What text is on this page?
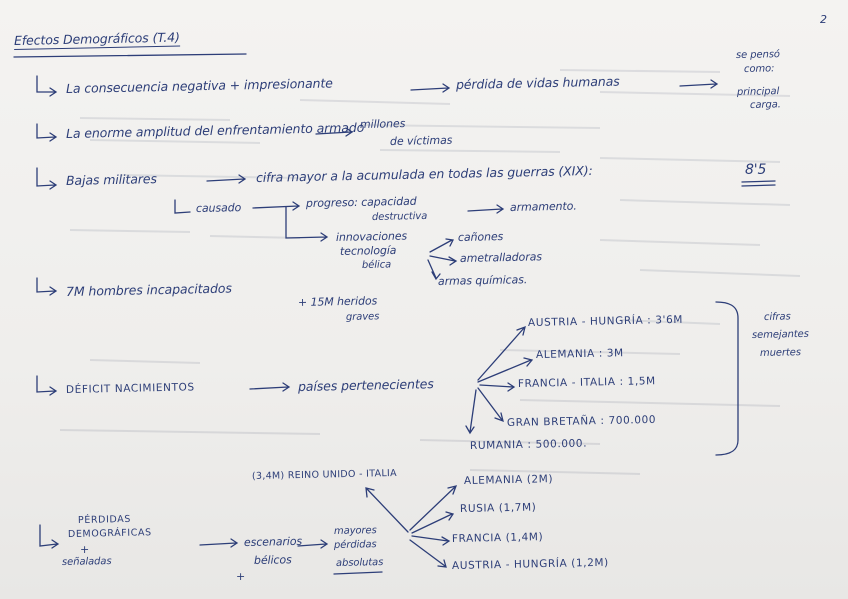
2
Efectos Demográficos (T.4)
La consecuencia negativa + impresionante	pérdida de vidas humanas
se pensó
como:
principal
carga.
La enorme amplitud del enfrentamiento armado
millones
de víctimas
Bajas militares	cifra mayor a la acumulada en todas las guerras (XIX):	8'5
causado	progreso: capacidad
destructiva
armamento.
innovaciones
tecnología
bélica
cañones
ametralladoras
armas químicas.
7M hombres incapacitados
+ 15M heridos
graves
DÉFICIT NACIMIENTOS	países pertenecientes
AUSTRIA - HUNGRÍA : 3'6M
ALEMANIA : 3M
FRANCIA - ITALIA : 1,5M
GRAN BRETAÑA : 700.000
RUMANIA : 500.000.
cifras
semejantes
muertes
PÉRDIDAS
DEMOGRÁFICAS
+
señaladas
escenarios
bélicos
+
mayores
pérdidas
absolutas
(3,4M) REINO UNIDO - ITALIA	ALEMANIA (2M)
RUSIA (1,7M)
FRANCIA (1,4M)
AUSTRIA - HUNGRÍA (1,2M)
